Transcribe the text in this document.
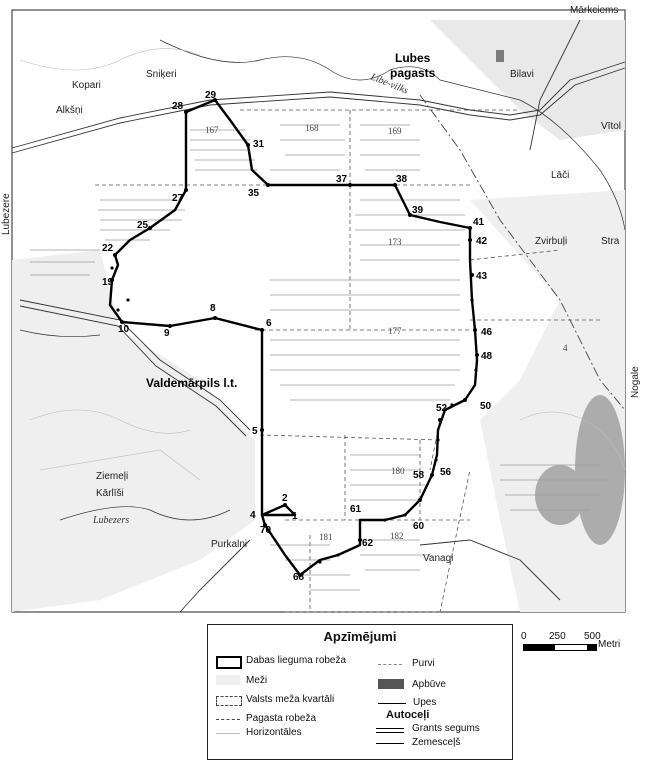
29
28
31
35
37	38
39
41
42
43
46
48
50
52
56
58
60
62
61
68
70
1
2
4
5
6
8
9
10
19
22
25
27
167	168	169
173
177
180
181	182
4
Mārkciems
Lubezere
Nogale
Kopari
Sniķeri
Alkšņi
Lubes
pagasts
Libe-vilks	Bilavi
Vītol
Lāči
Zvirbuļi	Stra
Valdemārpils l.t.
Ziemeļi
Kārlīši
Lubezers
Purkalni
Vanagi
Apzīmējumi
Dabas lieguma robeža
Meži
Valsts meža kvartāli
Pagasta robeža
Horizontāles
Purvi
Apbūve
Upes
Autoceļi
Grants segums
Zemesceļš
0 250 500
Metri
